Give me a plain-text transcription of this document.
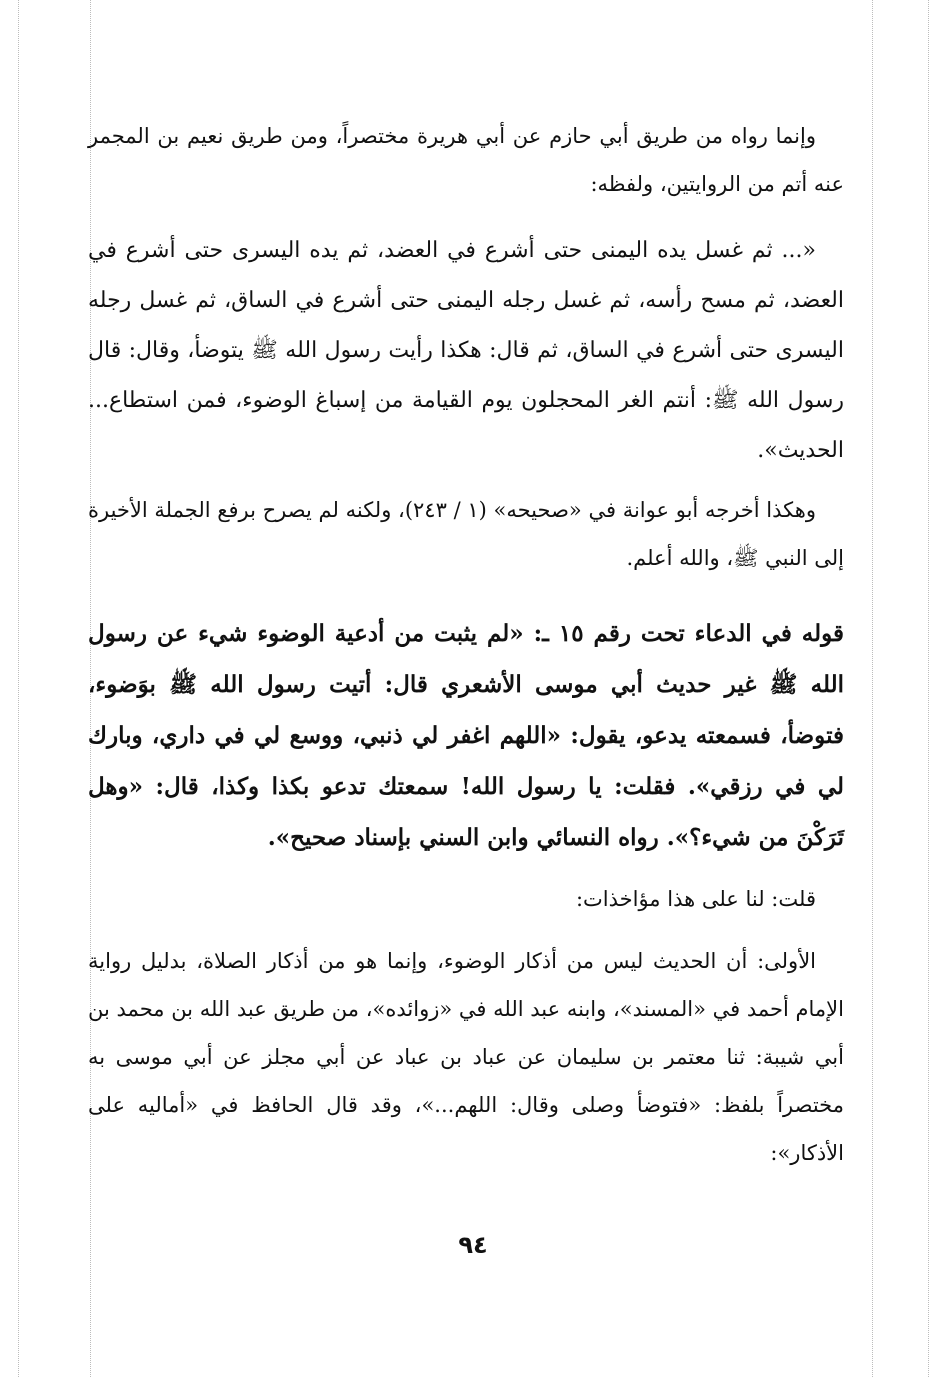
وإنما رواه من طريق أبي حازم عن أبي هريرة مختصراً، ومن طريق نعيم بن المجمر عنه أتم من الروايتين، ولفظه:

«... ثم غسل يده اليمنى حتى أشرع في العضد، ثم يده اليسرى حتى أشرع في العضد، ثم مسح رأسه، ثم غسل رجله اليمنى حتى أشرع في الساق، ثم غسل رجله اليسرى حتى أشرع في الساق، ثم قال: هكذا رأيت رسول الله ﷺ يتوضأ، وقال: قال رسول الله ﷺ: أنتم الغر المحجلون يوم القيامة من إسباغ الوضوء، فمن استطاع... الحديث».

وهكذا أخرجه أبو عوانة في «صحيحه» (١ / ٢٤٣)، ولكنه لم يصرح برفع الجملة الأخيرة إلى النبي ﷺ، والله أعلم.

قوله في الدعاء تحت رقم ١٥ ـ: «لم يثبت من أدعية الوضوء شيء عن رسول الله ﷺ غير حديث أبي موسى الأشعري قال: أتيت رسول الله ﷺ بوَضوء، فتوضأ، فسمعته يدعو، يقول: «اللهم اغفر لي ذنبي، ووسع لي في داري، وبارك لي في رزقي». فقلت: يا رسول الله! سمعتك تدعو بكذا وكذا، قال: «وهل تَرَكْنَ من شيء؟». رواه النسائي وابن السني بإسناد صحيح».

قلت: لنا على هذا مؤاخذات:

الأولى: أن الحديث ليس من أذكار الوضوء، وإنما هو من أذكار الصلاة، بدليل رواية الإمام أحمد في «المسند»، وابنه عبد الله في «زوائده»، من طريق عبد الله بن محمد بن أبي شيبة: ثنا معتمر بن سليمان عن عباد بن عباد عن أبي مجلز عن أبي موسى به مختصراً بلفظ: «فتوضأ وصلى وقال: اللهم...»، وقد قال الحافظ في «أماليه على الأذكار»:

٩٤
